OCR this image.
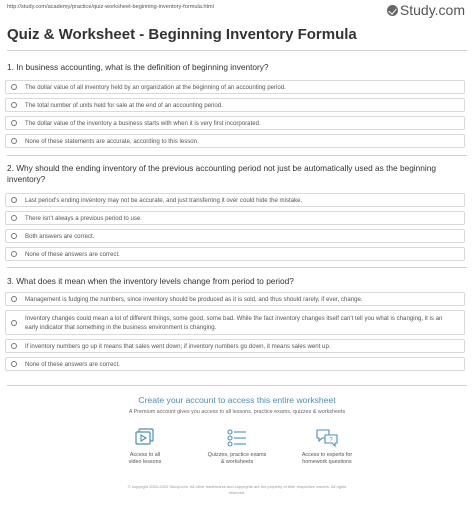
http://study.com/academy/practice/quiz-worksheet-beginning-inventory-formula.html	Study.com
Quiz & Worksheet - Beginning Inventory Formula
1. In business accounting, what is the definition of beginning inventory?
The dollar value of all inventory held by an organization at the beginning of an accounting period.
The total number of units held for sale at the end of an accounting period.
The dollar value of the inventory a business starts with when it is very first incorporated.
None of these statements are accurate, according to this lesson.
2. Why should the ending inventory of the previous accounting period not just be automatically used as the beginning inventory?
Last period's ending inventory may not be accurate, and just transferring it over could hide the mistake.
There isn't always a previous period to use.
Both answers are correct.
None of these answers are correct.
3. What does it mean when the inventory levels change from period to period?
Management is fudging the numbers, since inventory should be produced as it is sold, and thus should rarely, if ever, change.
Inventory changes could mean a lot of different things, some good, some bad. While the fact inventory changes itself can't tell you what is changing, it is an early indicator that something in the business environment is changing.
If inventory numbers go up it means that sales went down; if inventory numbers go down, it means sales went up.
None of these answers are correct.
Create your account to access this entire worksheet
A Premium account gives you access to all lessons, practice exams, quizzes & worksheets
Access to all
video lessons
Quizzes, practice exams
& worksheets
?
Access to experts for
homework questions
© copyright 2003-2020 Study.com. All other trademarks and copyrights are the property of their respective owners. All rights
reserved.
